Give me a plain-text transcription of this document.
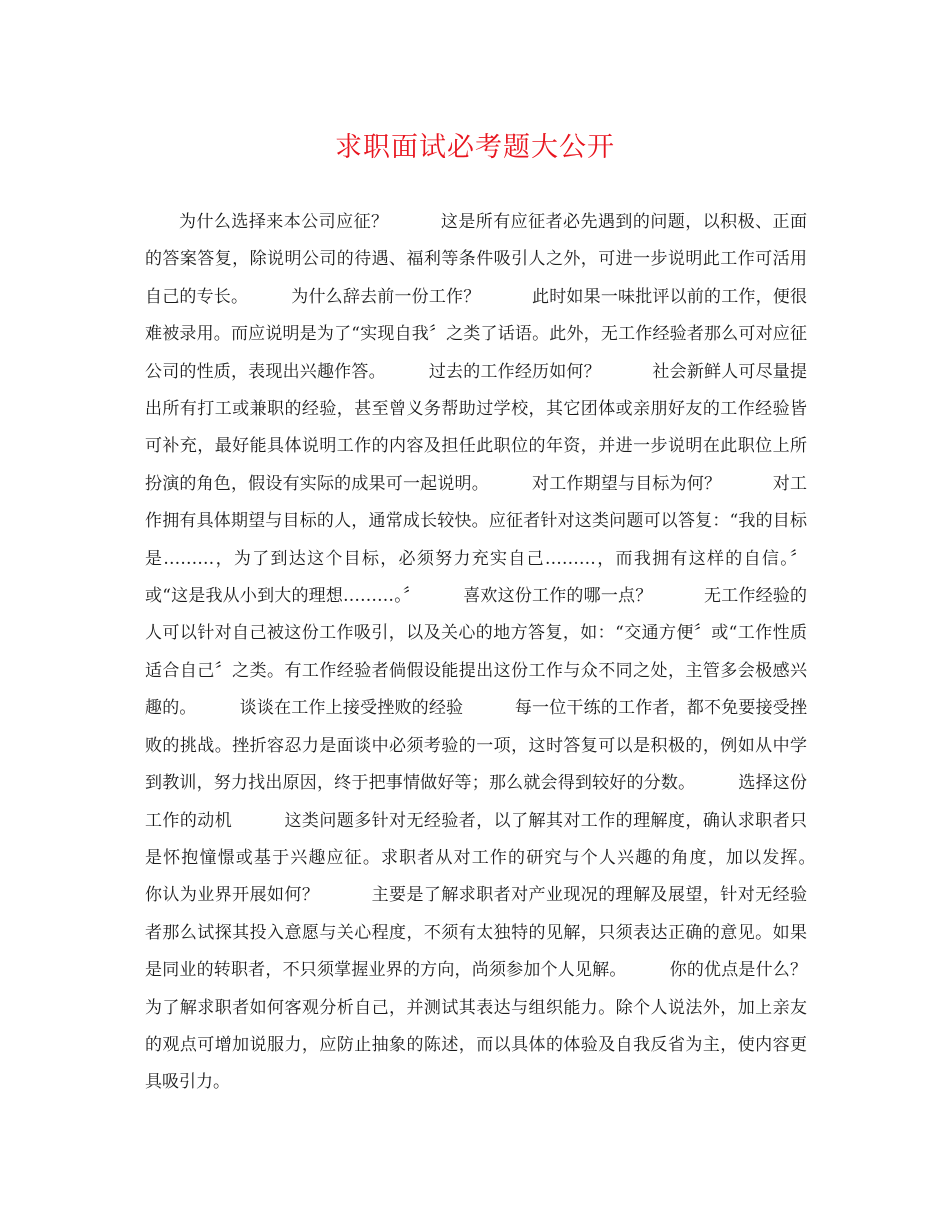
求职面试必考题大公开

为什么选择来本公司应征？　　　这是所有应征者必先遇到的问题，以积极、正面的答案答复，除说明公司的待遇、福利等条件吸引人之外，可进一步说明此工作可活用自己的专长。　　　为什么辞去前一份工作？　　　此时如果一味批评以前的工作，便很难被录用。而应说明是为了“实现自我〞之类了话语。此外，无工作经验者那么可对应征公司的性质，表现出兴趣作答。　　　过去的工作经历如何？　　　社会新鲜人可尽量提出所有打工或兼职的经验，甚至曾义务帮助过学校，其它团体或亲朋好友的工作经验皆可补充，最好能具体说明工作的内容及担任此职位的年资，并进一步说明在此职位上所扮演的角色，假设有实际的成果可一起说明。　　　对工作期望与目标为何？　　　对工作拥有具体期望与目标的人，通常成长较快。应征者针对这类问题可以答复：“我的目标是………，为了到达这个目标，必须努力充实自己………，而我拥有这样的自信。〞或“这是我从小到大的理想………。〞　　　喜欢这份工作的哪一点？　　　无工作经验的人可以针对自己被这份工作吸引，以及关心的地方答复，如：“交通方便〞或“工作性质适合自己〞之类。有工作经验者倘假设能提出这份工作与众不同之处，主管多会极感兴趣的。　　　谈谈在工作上接受挫败的经验　　　每一位干练的工作者，都不免要接受挫败的挑战。挫折容忍力是面谈中必须考验的一项，这时答复可以是积极的，例如从中学到教训，努力找出原因，终于把事情做好等；那么就会得到较好的分数。　　　选择这份工作的动机　　　这类问题多针对无经验者，以了解其对工作的理解度，确认求职者只是怀抱憧憬或基于兴趣应征。求职者从对工作的研究与个人兴趣的角度，加以发挥。　　　你认为业界开展如何？　　　主要是了解求职者对产业现况的理解及展望，针对无经验者那么试探其投入意愿与关心程度，不须有太独特的见解，只须表达正确的意见。如果是同业的转职者，不只须掌握业界的方向，尚须参加个人见解。　　　你的优点是什么？　　　为了解求职者如何客观分析自己，并测试其表达与组织能力。除个人说法外，加上亲友的观点可增加说服力，应防止抽象的陈述，而以具体的体验及自我反省为主，使内容更具吸引力。
